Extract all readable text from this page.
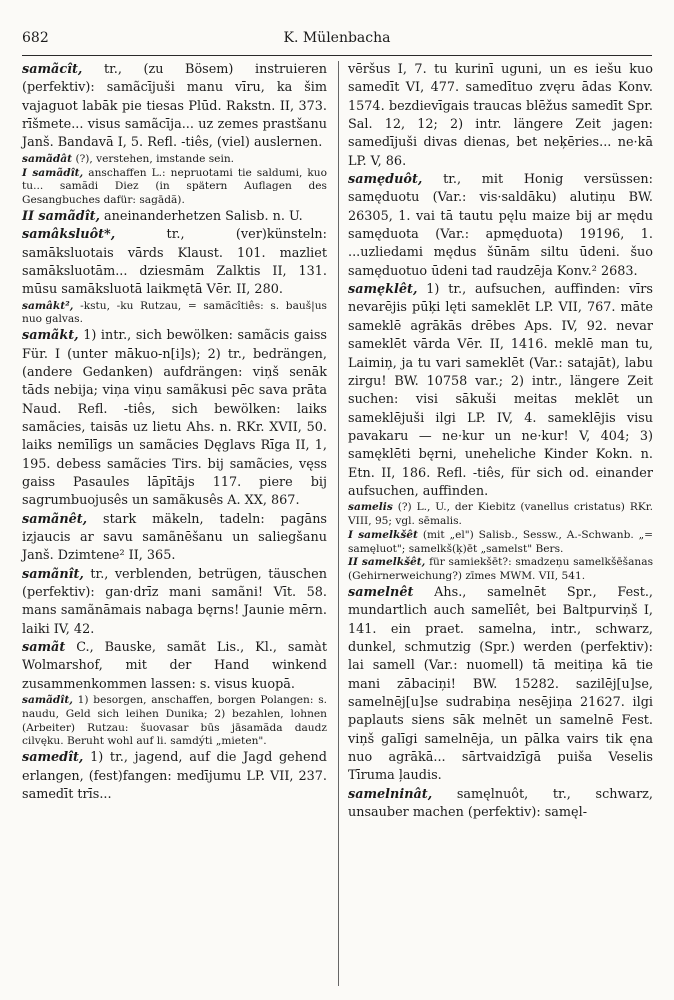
682	K. Mülenbacha

samãcît, tr., (zu Bösem) instruieren (perfektiv): samãcījuši manu vīru, ka šim vajaguot labāk pie tiesas Plūd. Rakstn. II, 373. rīšmete... visus samãcīja... uz zemes prastšanu Janš. Bandavā I, 5. Refl. -tiês, (viel) auslernen.

samãdât (?), verstehen, imstande sein.

I samãdît, anschaffen L.: nepruotami tie saldumi, kuo tu... samãdi Diez (in spätern Auflagen des Gesangbuches dafür: sagādã).

II samãdît, aneinanderhetzen Salisb. n. U.

samâksluôt*,	tr., (ver)künsteln: samāksluotais vārds Klaust. 101. mazliet samāksluotām... dziesmām Zalktis II, 131. mūsu samāksluotā laikmętā Vēr. II, 280.

samâkt², -kstu, -ku Rutzau, = samãcîtiês: s. bauš|us nuo galvas.

samãkt, 1) intr., sich bewölken: samãcis gaiss Für. I (unter mākuo-n[i]s); 2) tr., bedrängen, (andere Gedanken) aufdrängen: viņš senāk tāds nebija; viņa viņu samãkusi pēc sava prāta Naud. Refl. -tiês, sich bewölken: laiks samãcies, taisās uz lietu Ahs. n. RKr. XVII, 50. laiks nemīlīgs un samãcies Dęglavs Rīga II, 1, 195. debess samãcies Tirs. bij samãcies, vęss gaiss Pasaules lāpītājs 117. piere bij sagrumbuojusês un samãkusês A. XX, 867.

samãnêt, stark mäkeln, tadeln: pagāns izjaucis ar savu samãnēšanu un saliegšanu Janš. Dzimtene² II, 365.

samãnît, tr., verblenden, betrügen, täuschen (perfektiv): gan·drīz mani samãni! Vīt. 58. mans samãnāmais nabaga bęrns! Jaunie mērn. laiki IV, 42.

samãt C., Bauske, samãt Lis., Kl., samàt Wolmarshof, mit der Hand winkend zusammenkommen lassen: s. visus kuopā.

samãdît, 1) besorgen, anschaffen, borgen Polangen: s. naudu, Geld sich leihen Dunika; 2) bezahlen, lohnen (Arbeiter) Rutzau: šuovasar būs jāsamãda daudz cilvęku. Beruht wohl auf li. samdýti „mieten".

samedît, 1) tr., jagend, auf die Jagd gehend erlangen, (fest)fangen: medījumu LP. VII, 237. samedīt trīs...

vēršus I, 7. tu kurinī uguni, un es iešu kuo samedīt VI, 477. samedītuo zvęru ādas Konv. 1574. bezdievīgais traucas blēžus samedīt Spr. Sal. 12, 12; 2) intr. längere Zeit jagen: samedījuši divas dienas, bet neķēries... ne·kā LP. V, 86.

samęduôt, tr., mit Honig versüssen: samęduotu (Var.: vis·saldāku) alutiņu BW. 26305, 1. vai tā tautu pęlu maize bij ar mędu samęduota (Var.: apmęduota) 19196, 1. ...uzliedami mędus šūnām siltu ūdeni. šuo samęduotuo ūdeni tad raudzēja Konv.² 2683.

samęklêt, 1) tr., aufsuchen, auffinden: vīrs nevarējis pūķi lęti sameklēt LP. VII, 767. māte sameklē agrākās drēbes Aps. IV, 92. nevar sameklēt vārda Vēr. II, 1416. meklē man tu, Laimiņ, ja tu vari sameklēt (Var.: satajāt), labu zirgu! BW. 10758 var.; 2) intr., längere Zeit suchen: visi sākuši meitas meklēt un sameklējuši ilgi LP. IV, 4. sameklējis visu pavakaru — ne·kur un ne·kur! V, 404; 3) samęklēti bęrni, uneheliche Kinder Kokn. n. Etn. II, 186. Refl. -tiês, für sich od. einander aufsuchen, auffinden.

samelis (?) L., U., der Kiebitz (vanellus cristatus) RKr. VIII, 95; vgl. sēmalis.

I samelkšêt (mit „el") Salisb., Sessw., A.-Schwanb. „= samęluot"; samelkš(ķ)ēt „samelst" Bers.

II samelkšêt, für samiekšēt?: smadzeņu samelkšēšanas (Gehirnerweichung?) zīmes MWM. VII, 541.

samelnêt Ahs., samelnēt Spr., Fest., mundartlich auch samelīêt, bei Baltpurviņš I, 141. ein praet. samelna, intr., schwarz, dunkel, schmutzig (Spr.) werden (perfektiv): lai samell (Var.: nuomell) tā meitiņa kā tie mani zābaciņi! BW. 15282. sazilēj[u]se, samelnēj[u]se sudrabiņa nesējiņa 21627. ilgi paplauts siens sāk melnēt un samelnē Fest. viņš galīgi samelnēja, un pālka vairs tik ęna nuo agrākā... sārtvaidzīgā puiša Veselis Tīruma ļaudis.

samelninât, samęlnuôt, tr., schwarz, unsauber machen (perfektiv): samęl-
